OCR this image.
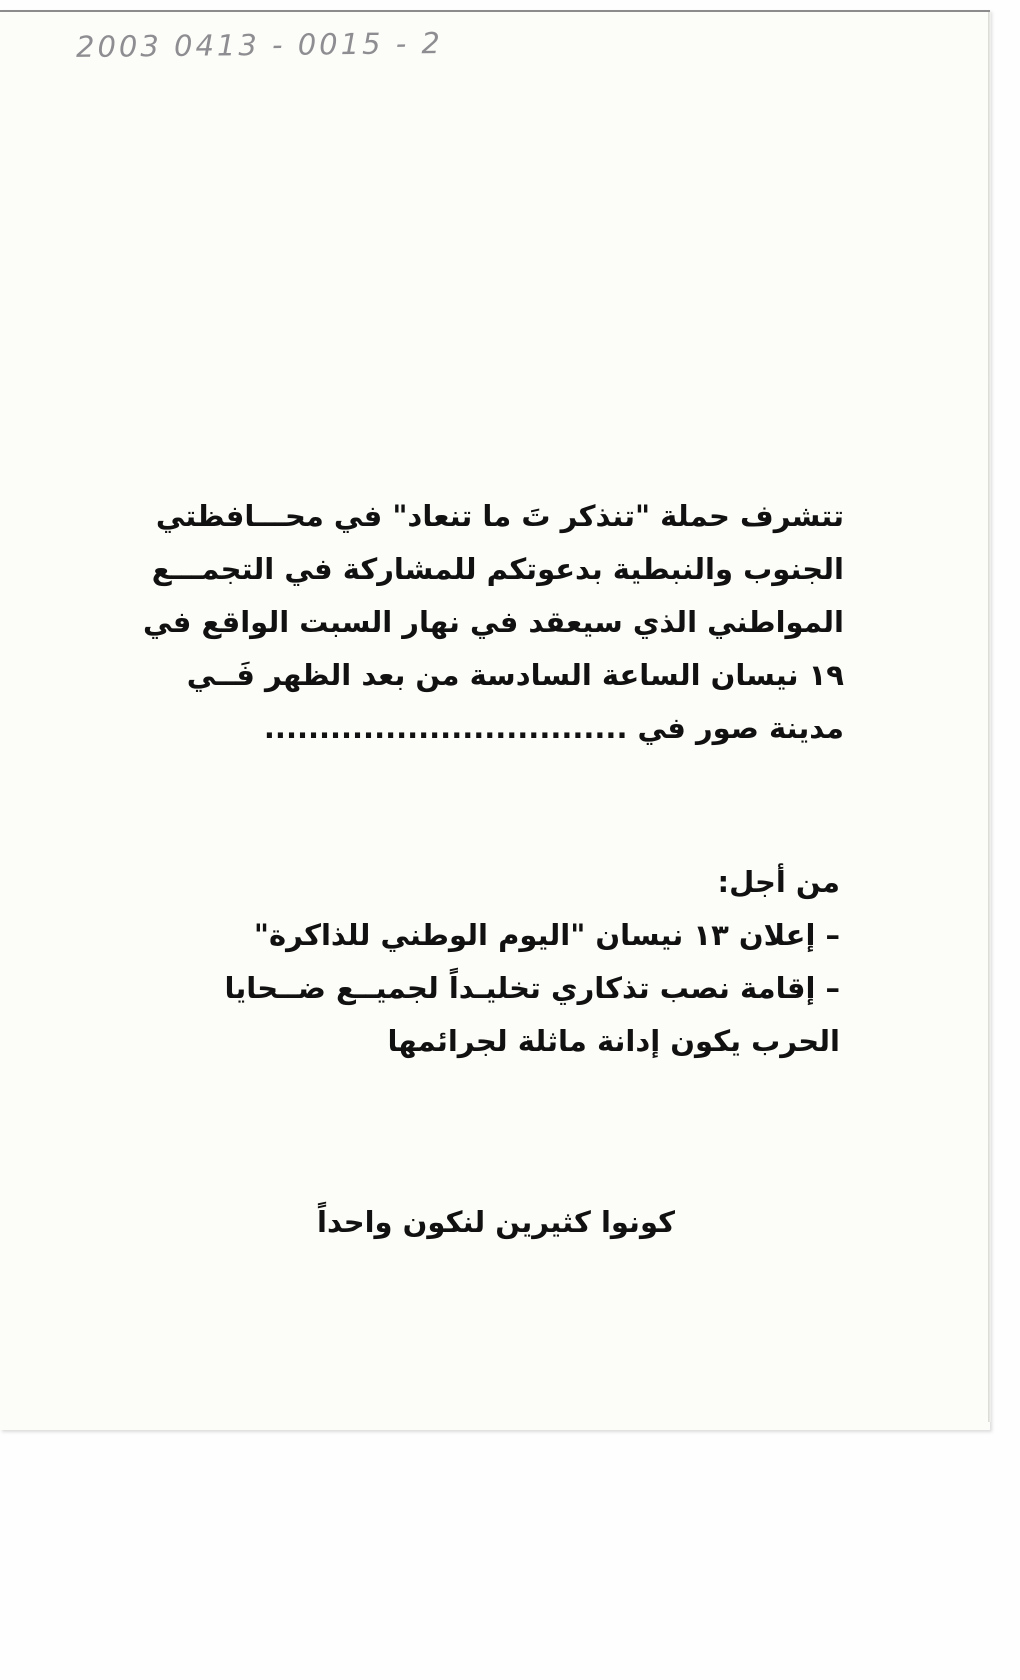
2003 0413 - 0015 - 2
تتشرف حملة "تنذكر تَ ما تنعاد" في محـــافظتي
الجنوب والنبطية بدعوتكم للمشاركة في التجمـــع
المواطني الذي سيعقد في نهار السبت الواقع في
١٩ نيسان الساعة السادسة من بعد الظهر فَــي
مدينة صور في .................................
من أجل:
– إعلان ١٣ نيسان "اليوم الوطني للذاكرة"
– إقامة نصب تذكاري تخليـداً لجميــع ضــحايا
الحرب يكون إدانة ماثلة لجرائمها
كونوا كثيرين لنكون واحداً
